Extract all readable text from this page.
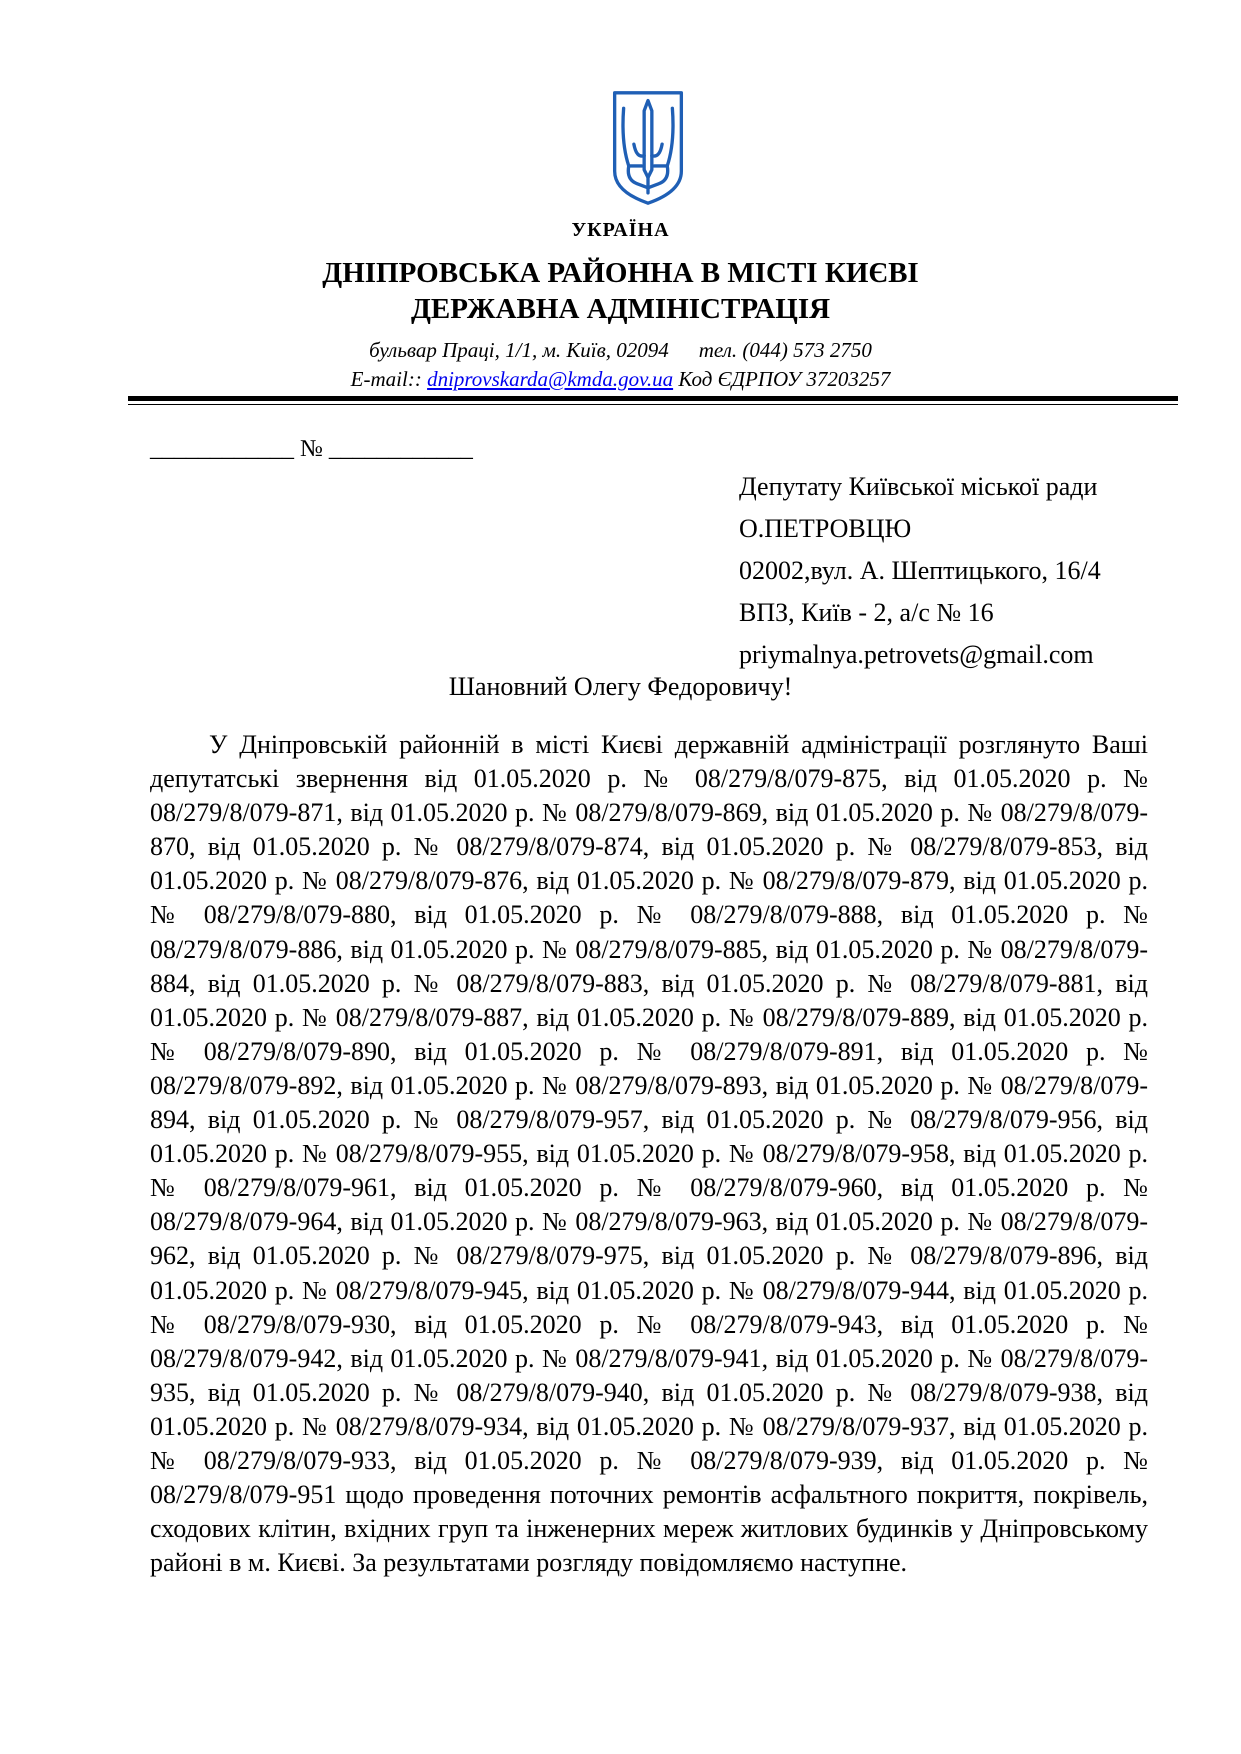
УКРАЇНА
ДНІПРОВСЬКА РАЙОННА В МІСТІ КИЄВІ
ДЕРЖАВНА АДМІНІСТРАЦІЯ
бульвар Праці, 1/1, м. Київ, 02094 тел. (044) 573 2750
E-mail:: dniprovskarda@kmda.gov.ua Код ЄДРПОУ 37203257
____________ № ____________
Депутату Київської міської ради
О.ПЕТРОВЦЮ
02002,вул. А. Шептицького, 16/4
ВПЗ, Київ - 2, а/с № 16
priymalnya.petrovets@gmail.com
Шановний Олегу Федоровичу!
У Дніпровській районній в місті Києві державній адміністрації розглянуто Ваші депутатські звернення від 01.05.2020 р. № 08/279/8/079-875, від 01.05.2020 р. № 08/279/8/079-871, від 01.05.2020 р. № 08/279/8/079-869, від 01.05.2020 р. № 08/279/8/079-870, від 01.05.2020 р. № 08/279/8/079-874, від 01.05.2020 р. № 08/279/8/079-853, від 01.05.2020 р. № 08/279/8/079-876, від 01.05.2020 р. № 08/279/8/079-879, від 01.05.2020 р. № 08/279/8/079-880, від 01.05.2020 р. № 08/279/8/079-888, від 01.05.2020 р. № 08/279/8/079-886, від 01.05.2020 р. № 08/279/8/079-885, від 01.05.2020 р. № 08/279/8/079-884, від 01.05.2020 р. № 08/279/8/079-883, від 01.05.2020 р. № 08/279/8/079-881, від 01.05.2020 р. № 08/279/8/079-887, від 01.05.2020 р. № 08/279/8/079-889, від 01.05.2020 р. № 08/279/8/079-890, від 01.05.2020 р. № 08/279/8/079-891, від 01.05.2020 р. № 08/279/8/079-892, від 01.05.2020 р. № 08/279/8/079-893, від 01.05.2020 р. № 08/279/8/079-894, від 01.05.2020 р. № 08/279/8/079-957, від 01.05.2020 р. № 08/279/8/079-956, від 01.05.2020 р. № 08/279/8/079-955, від 01.05.2020 р. № 08/279/8/079-958, від 01.05.2020 р. № 08/279/8/079-961, від 01.05.2020 р. № 08/279/8/079-960, від 01.05.2020 р. № 08/279/8/079-964, від 01.05.2020 р. № 08/279/8/079-963, від 01.05.2020 р. № 08/279/8/079-962, від 01.05.2020 р. № 08/279/8/079-975, від 01.05.2020 р. № 08/279/8/079-896, від 01.05.2020 р. № 08/279/8/079-945, від 01.05.2020 р. № 08/279/8/079-944, від 01.05.2020 р. № 08/279/8/079-930, від 01.05.2020 р. № 08/279/8/079-943, від 01.05.2020 р. № 08/279/8/079-942, від 01.05.2020 р. № 08/279/8/079-941, від 01.05.2020 р. № 08/279/8/079-935, від 01.05.2020 р. № 08/279/8/079-940, від 01.05.2020 р. № 08/279/8/079-938, від 01.05.2020 р. № 08/279/8/079-934, від 01.05.2020 р. № 08/279/8/079-937, від 01.05.2020 р. № 08/279/8/079-933, від 01.05.2020 р. № 08/279/8/079-939, від 01.05.2020 р. № 08/279/8/079-951 щодо проведення поточних ремонтів асфальтного покриття, покрівель, сходових клітин, вхідних груп та інженерних мереж житлових будинків у Дніпровському районі в м. Києві. За результатами розгляду повідомляємо наступне.
